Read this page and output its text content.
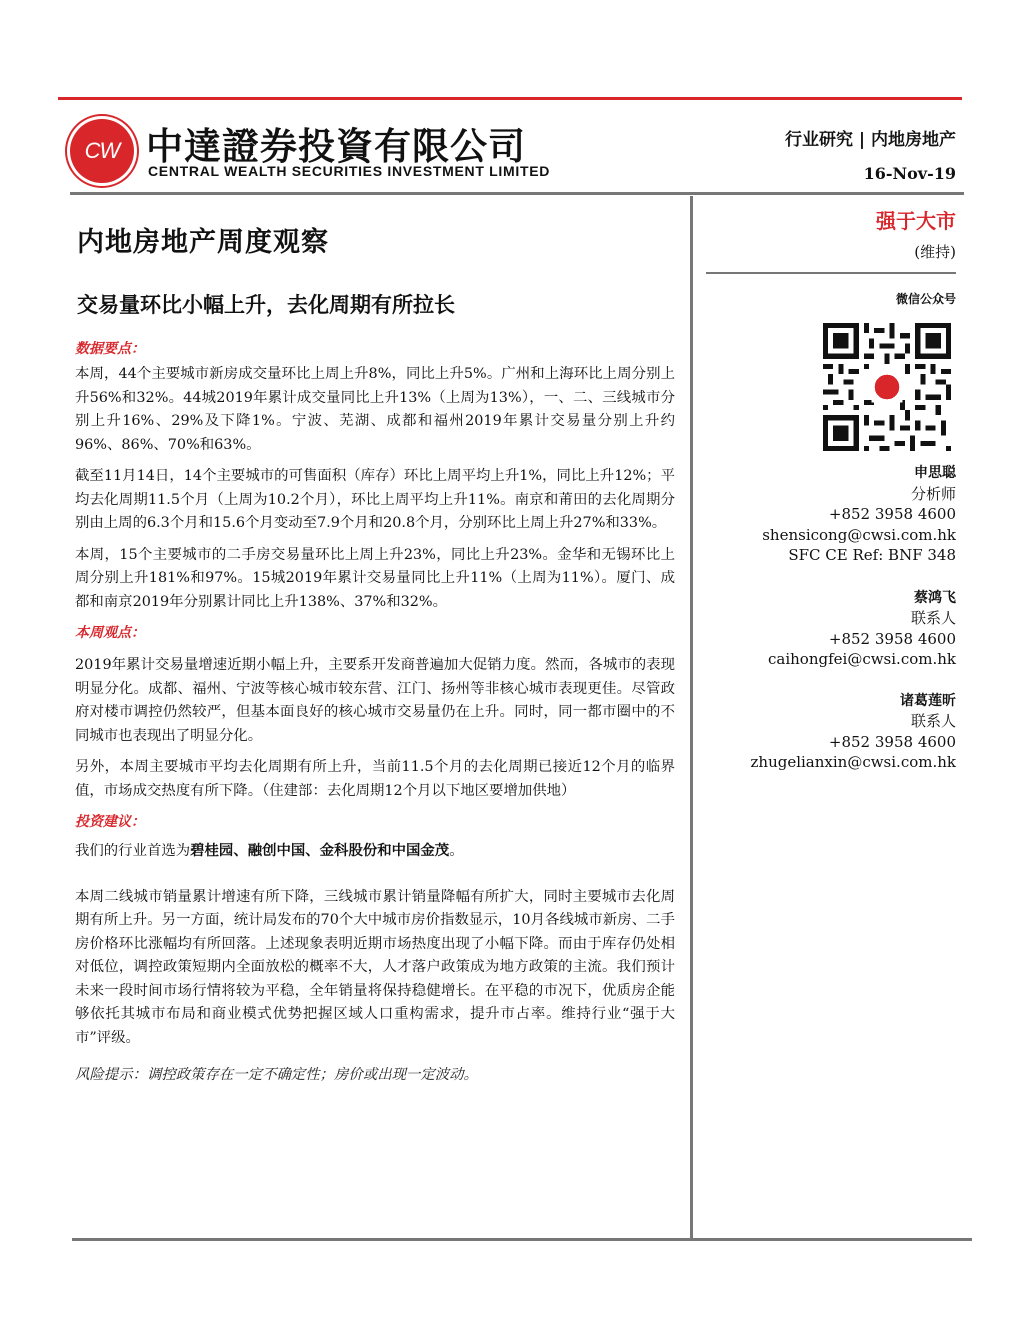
CW 中達證券投資有限公司
CENTRAL WEALTH SECURITIES INVESTMENT LIMITED
行业研究 | 内地房地产
16-Nov-19
内地房地产周度观察
交易量环比小幅上升，去化周期有所拉长
数据要点：

本周，44个主要城市新房成交量环比上周上升8%，同比上升5%。广州和上海环比上周分别上升56%和32%。44城2019年累计成交量同比上升13%（上周为13%），一、二、三线城市分别上升16%、29%及下降1%。宁波、芜湖、成都和福州2019年累计交易量分别上升约96%、86%、70%和63%。

截至11月14日，14个主要城市的可售面积（库存）环比上周平均上升1%，同比上升12%；平均去化周期11.5个月（上周为10.2个月），环比上周平均上升11%。南京和莆田的去化周期分别由上周的6.3个月和15.6个月变动至7.9个月和20.8个月，分别环比上周上升27%和33%。

本周，15个主要城市的二手房交易量环比上周上升23%，同比上升23%。金华和无锡环比上周分别上升181%和97%。15城2019年累计交易量同比上升11%（上周为11%）。厦门、成都和南京2019年分别累计同比上升138%、37%和32%。

本周观点：

2019年累计交易量增速近期小幅上升，主要系开发商普遍加大促销力度。然而，各城市的表现明显分化。成都、福州、宁波等核心城市较东营、江门、扬州等非核心城市表现更佳。尽管政府对楼市调控仍然较严，但基本面良好的核心城市交易量仍在上升。同时，同一都市圈中的不同城市也表现出了明显分化。

另外，本周主要城市平均去化周期有所上升，当前11.5个月的去化周期已接近12个月的临界值，市场成交热度有所下降。（住建部：去化周期12个月以下地区要增加供地）

投资建议：

我们的行业首选为碧桂园、融创中国、金科股份和中国金茂。

本周二线城市销量累计增速有所下降，三线城市累计销量降幅有所扩大，同时主要城市去化周期有所上升。另一方面，统计局发布的70个大中城市房价指数显示，10月各线城市新房、二手房价格环比涨幅均有所回落。上述现象表明近期市场热度出现了小幅下降。而由于库存仍处相对低位，调控政策短期内全面放松的概率不大，人才落户政策成为地方政策的主流。我们预计未来一段时间市场行情将较为平稳，全年销量将保持稳健增长。在平稳的市况下，优质房企能够依托其城市布局和商业模式优势把握区域人口重构需求，提升市占率。维持行业“强于大市”评级。

风险提示：调控政策存在一定不确定性；房价或出现一定波动。

强于大市
(维持)
微信公众号
申思聪
分析师
+852 3958 4600
shensicong@cwsi.com.hk
SFC CE Ref: BNF 348
蔡鸿飞
联系人
+852 3958 4600
caihongfei@cwsi.com.hk
诸葛莲昕
联系人
+852 3958 4600
zhugelianxin@cwsi.com.hk
